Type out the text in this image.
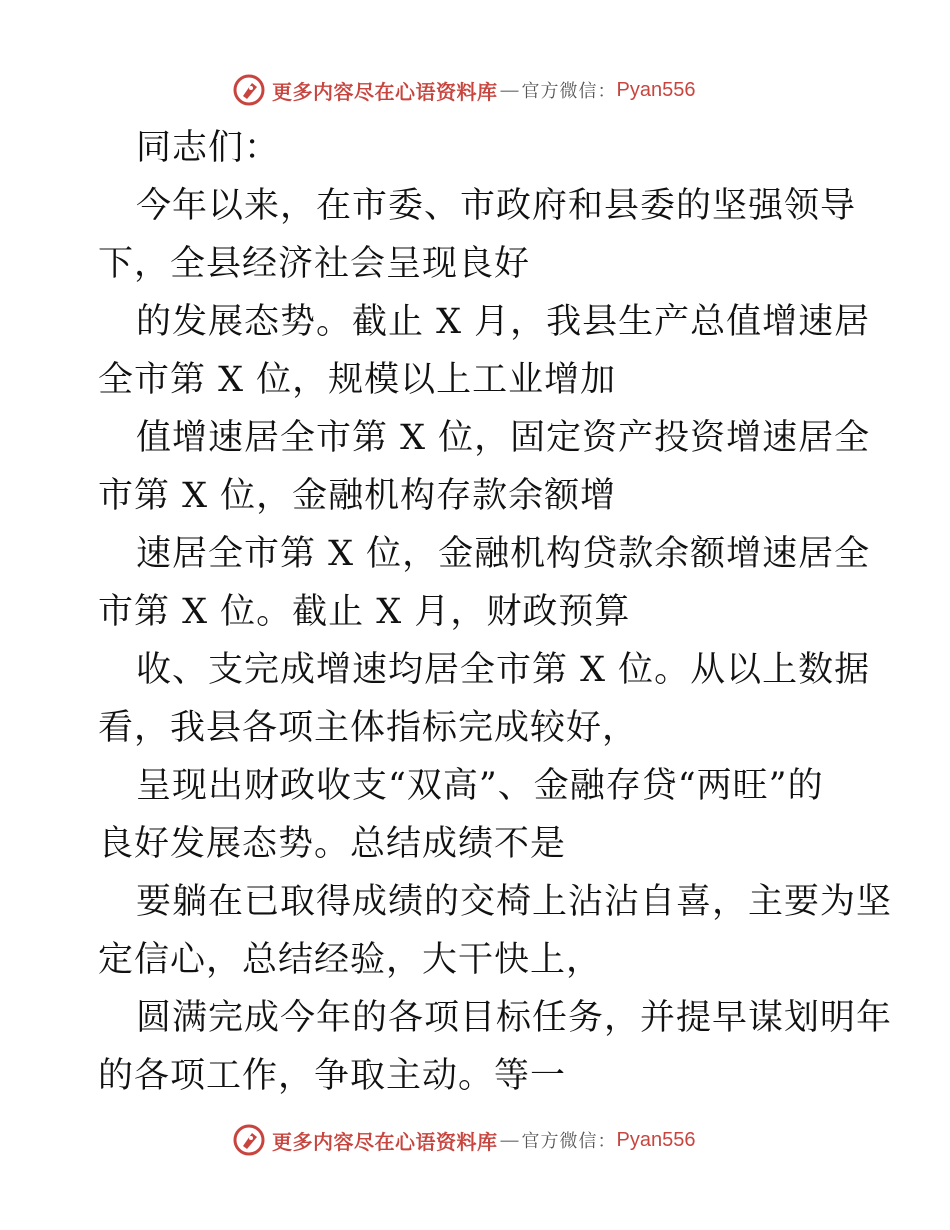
更多内容尽在心语资料库 — 官方微信： Pyan556
同志们：
今年以来，在市委、市政府和县委的坚强领导
下，全县经济社会呈现良好
的发展态势。截止 X 月，我县生产总值增速居
全市第 X 位，规模以上工业增加
值增速居全市第 X 位，固定资产投资增速居全
市第 X 位，金融机构存款余额增
速居全市第 X 位，金融机构贷款余额增速居全
市第 X 位。截止 X 月，财政预算
收、支完成增速均居全市第 X 位。从以上数据
看，我县各项主体指标完成较好，
呈现出财政收支“双高”、金融存贷“两旺”的
良好发展态势。总结成绩不是
要躺在已取得成绩的交椅上沾沾自喜，主要为坚
定信心，总结经验，大干快上，
圆满完成今年的各项目标任务，并提早谋划明年
的各项工作，争取主动。等一
更多内容尽在心语资料库 — 官方微信： Pyan556
